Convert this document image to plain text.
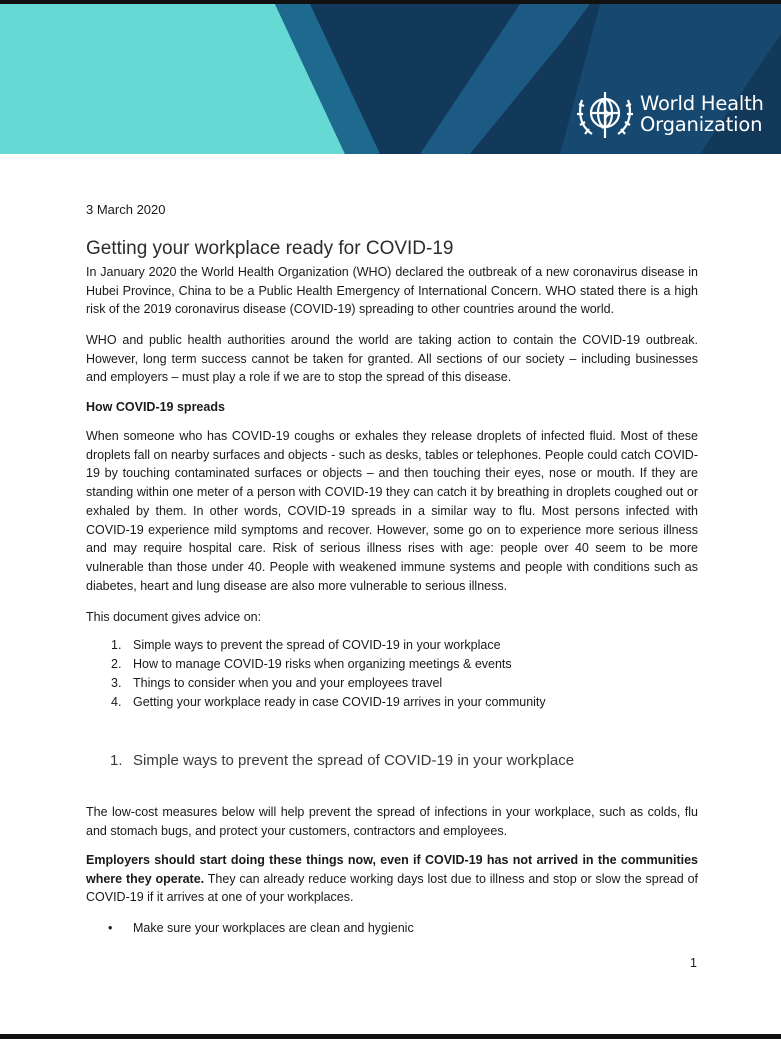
World Health
Organization

3 March 2020

Getting your workplace ready for COVID-19

In January 2020 the World Health Organization (WHO) declared the outbreak of a new coronavirus disease in Hubei Province, China to be a Public Health Emergency of International Concern. WHO stated there is a high risk of the 2019 coronavirus disease (COVID-19) spreading to other countries around the world.

WHO and public health authorities around the world are taking action to contain the COVID-19 outbreak. However, long term success cannot be taken for granted. All sections of our society – including businesses and employers – must play a role if we are to stop the spread of this disease.

How COVID-19 spreads

When someone who has COVID-19 coughs or exhales they release droplets of infected fluid. Most of these droplets fall on nearby surfaces and objects - such as desks, tables or telephones. People could catch COVID-19 by touching contaminated surfaces or objects – and then touching their eyes, nose or mouth. If they are standing within one meter of a person with COVID-19 they can catch it by breathing in droplets coughed out or exhaled by them. In other words, COVID-19 spreads in a similar way to flu. Most persons infected with COVID-19 experience mild symptoms and recover. However, some go on to experience more serious illness and may require hospital care. Risk of serious illness rises with age: people over 40 seem to be more vulnerable than those under 40. People with weakened immune systems and people with conditions such as diabetes, heart and lung disease are also more vulnerable to serious illness.

This document gives advice on:

1. Simple ways to prevent the spread of COVID-19 in your workplace
2. How to manage COVID-19 risks when organizing meetings & events
3. Things to consider when you and your employees travel
4. Getting your workplace ready in case COVID-19 arrives in your community
1. Simple ways to prevent the spread of COVID-19 in your workplace

The low-cost measures below will help prevent the spread of infections in your workplace, such as colds, flu and stomach bugs, and protect your customers, contractors and employees.

Employers should start doing these things now, even if COVID-19 has not arrived in the communities where they operate. They can already reduce working days lost due to illness and stop or slow the spread of COVID-19 if it arrives at one of your workplaces.

• Make sure your workplaces are clean and hygienic

1
